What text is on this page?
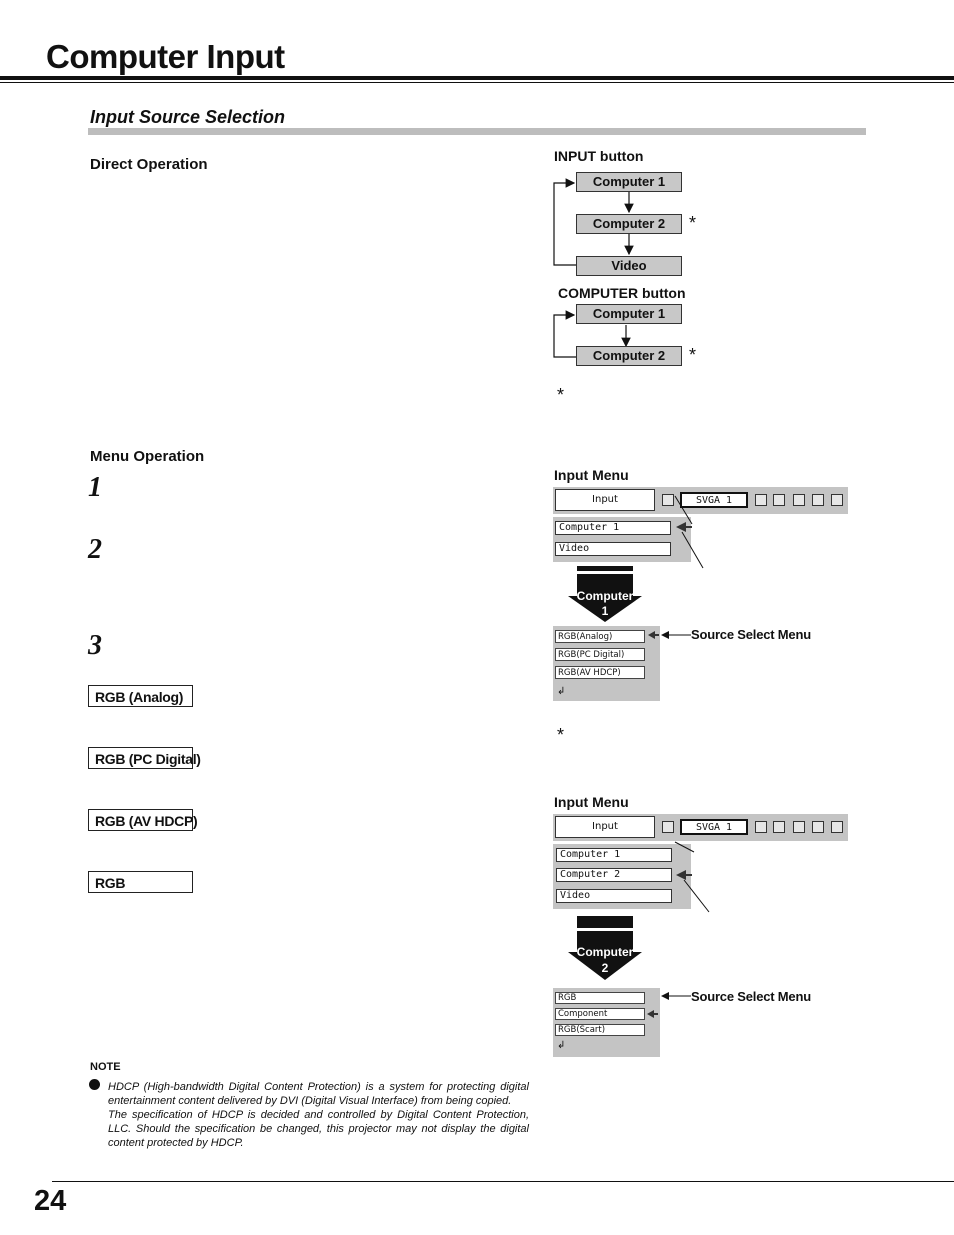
Computer Input
Input Source Selection
Direct Operation	INPUT button
Computer 1
Computer 2
Video
*
COMPUTER button
Computer 1
Computer 2	*
*
Menu Operation
1
2
3
RGB (Analog)
RGB (PC Digital)
RGB (AV HDCP)
RGB
Input Menu
Input	SVGA 1
Computer 1
Video
Computer
1
RGB(Analog)
RGB(PC Digital)
RGB(AV HDCP)
↲
Source Select Menu
*
Input Menu
Input	SVGA 1
Computer 1
Computer 2
Video
Computer
2
RGB
Component
RGB(Scart)
↲
Source Select Menu
NOTE
HDCP (High-bandwidth Digital Content Protection) is a system for protecting digital entertainment content delivered by DVI (Digital Visual Interface) from being copied.
The specification of HDCP is decided and controlled by Digital Content Protection, LLC. Should the specification be changed, this projector may not display the digital content protected by HDCP.
24
